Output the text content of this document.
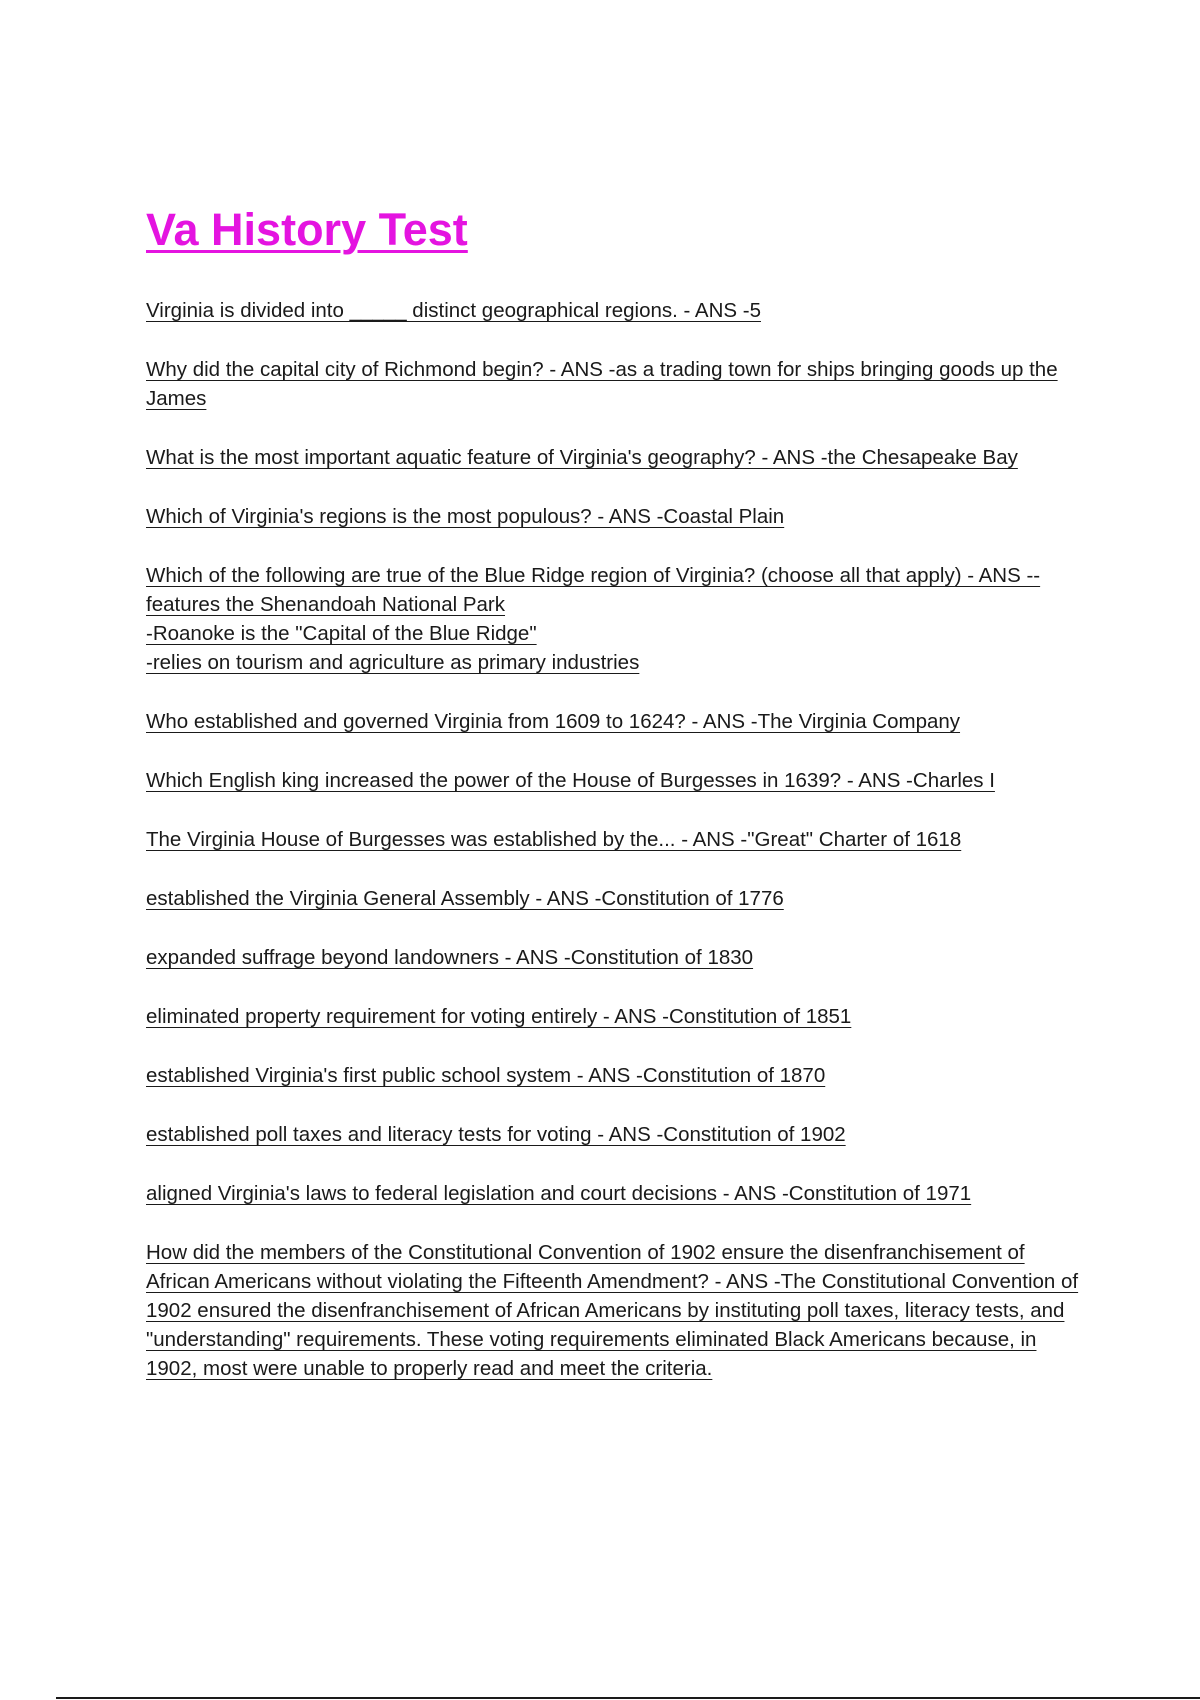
Va History Test
Virginia is divided into _____ distinct geographical regions. - ANS -5
Why did the capital city of Richmond begin? - ANS -as a trading town for ships bringing goods up the James
What is the most important aquatic feature of Virginia's geography? - ANS -the Chesapeake Bay
Which of Virginia's regions is the most populous? - ANS -Coastal Plain
Which of the following are true of the Blue Ridge region of Virginia? (choose all that apply) - ANS --features the Shenandoah National Park
-Roanoke is the "Capital of the Blue Ridge"
-relies on tourism and agriculture as primary industries
Who established and governed Virginia from 1609 to 1624? - ANS -The Virginia Company
Which English king increased the power of the House of Burgesses in 1639? - ANS -Charles I
The Virginia House of Burgesses was established by the... - ANS -"Great" Charter of 1618
established the Virginia General Assembly - ANS -Constitution of 1776
expanded suffrage beyond landowners - ANS -Constitution of 1830
eliminated property requirement for voting entirely - ANS -Constitution of 1851
established Virginia's first public school system - ANS -Constitution of 1870
established poll taxes and literacy tests for voting - ANS -Constitution of 1902
aligned Virginia's laws to federal legislation and court decisions - ANS -Constitution of 1971
How did the members of the Constitutional Convention of 1902 ensure the disenfranchisement of African Americans without violating the Fifteenth Amendment? - ANS -The Constitutional Convention of 1902 ensured the disenfranchisement of African Americans by instituting poll taxes, literacy tests, and "understanding" requirements. These voting requirements eliminated Black Americans because, in 1902, most were unable to properly read and meet the criteria.
